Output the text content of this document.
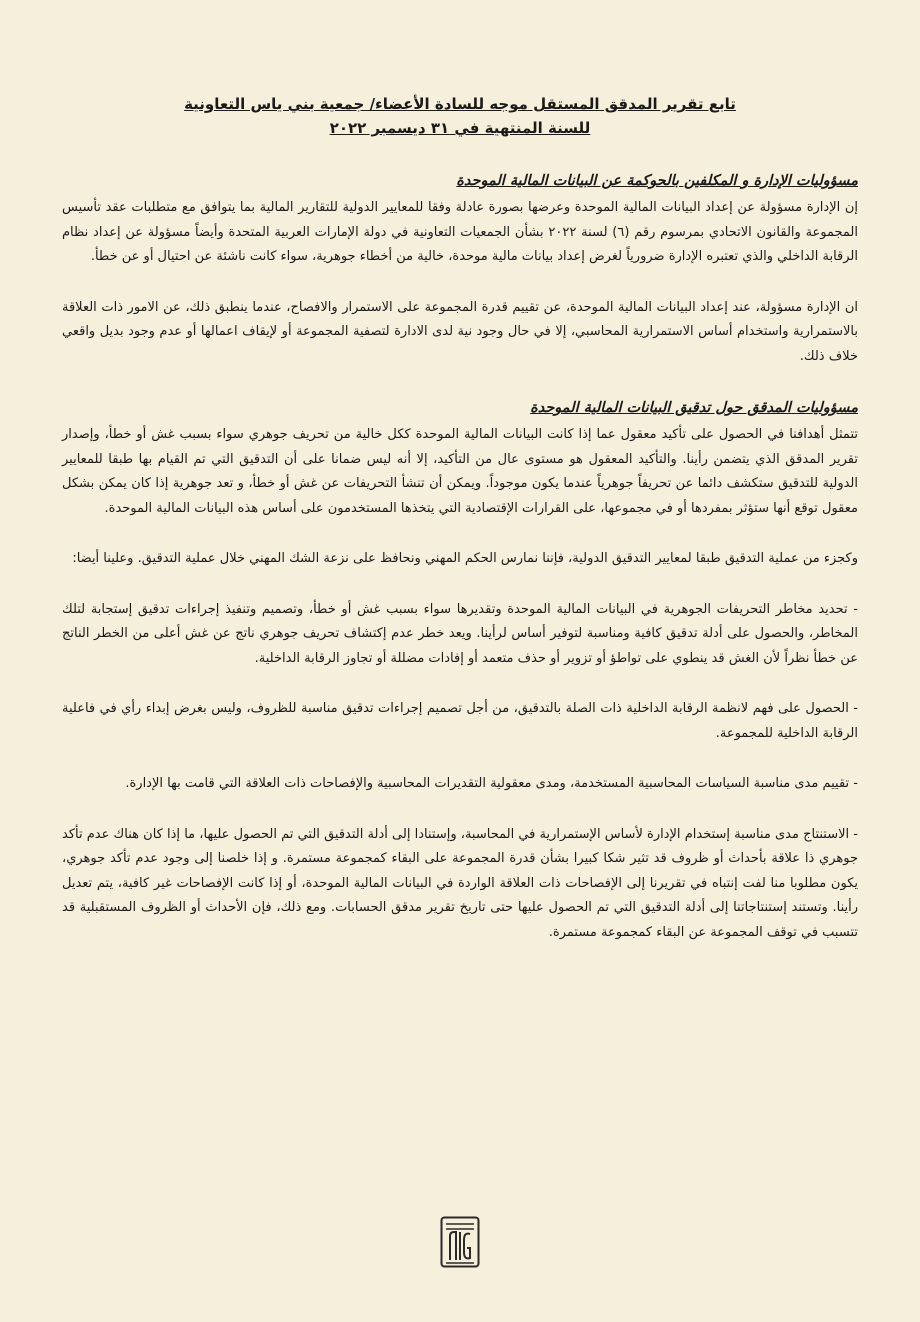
تابع تقرير المدقق المستقل موجه للسادة الأعضاء/ جمعية بني ياس التعاونية
للسنة المنتهية في ٣١ ديسمبر ٢٠٢٢
مسؤوليات الإدارة و المكلفين بالحوكمة عن البيانات المالية الموحدة

إن الإدارة مسؤولة عن إعداد البيانات المالية الموحدة وعرضها بصورة عادلة وفقا للمعايير الدولية للتقارير المالية بما يتوافق مع متطلبات عقد تأسيس المجموعة والقانون الاتحادي بمرسوم رقم (٦) لسنة ٢٠٢٢ بشأن الجمعيات التعاونية في دولة الإمارات العربية المتحدة وأيضاً مسؤولة عن إعداد نظام الرقابة الداخلي والذي تعتبره الإدارة ضرورياً لغرض إعداد بيانات مالية موحدة، خالية من أخطاء جوهرية، سواء كانت ناشئة عن احتيال أو عن خطأ.

ان الإدارة مسؤولة، عند إعداد البيانات المالية الموحدة، عن تقييم قدرة المجموعة على الاستمرار والافصاح، عندما ينطبق ذلك، عن الامور ذات العلاقة بالاستمرارية واستخدام أساس الاستمرارية المحاسبي، إلا في حال وجود نية لدى الادارة لتصفية المجموعة أو لإيقاف اعمالها أو عدم وجود بديل واقعي خلاف ذلك.

مسؤوليات المدقق حول تدقيق البيانات المالية الموحدة

تتمثل أهدافنا في الحصول على تأكيد معقول عما إذا كانت البيانات المالية الموحدة ككل خالية من تحريف جوهري سواء بسبب غش أو خطأ، وإصدار تقرير المدقق الذي يتضمن رأينا. والتأكيد المعقول هو مستوى عال من التأكيد، إلا أنه ليس ضمانا على أن التدقيق التي تم القيام بها طبقا للمعايير الدولية للتدقيق ستكشف دائما عن تحريفاً جوهرياً عندما يكون موجوداً. ويمكن أن تنشأ التحريفات عن غش أو خطأ، و تعد جوهرية إذا كان يمكن بشكل معقول توقع أنها ستؤثر بمفردها أو في مجموعها، على القرارات الإقتصادية التي يتخذها المستخدمون على أساس هذه البيانات المالية الموحدة.

وكجزء من عملية التدقيق طبقا لمعايير التدقيق الدولية، فإننا نمارس الحكم المهني ونحافظ على نزعة الشك المهني خلال عملية التدقيق. وعلينا أيضا:

- تحديد مخاطر التحريفات الجوهرية في البيانات المالية الموحدة وتقديرها سواء بسبب غش أو خطأ، وتصميم وتنفيذ إجراءات تدقيق إستجابة لتلك المخاطر، والحصول على أدلة تدقيق كافية ومناسبة لتوفير أساس لرأينا. ويعد خطر عدم إكتشاف تحريف جوهري ناتج عن غش أعلى من الخطر الناتج عن خطأ نظراً لأن الغش قد ينطوي على تواطؤ أو تزوير أو حذف متعمد أو إفادات مضللة أو تجاوز الرقابة الداخلية.

- الحصول على فهم لانظمة الرقابة الداخلية ذات الصلة بالتدقيق، من أجل تصميم إجراءات تدقيق مناسبة للظروف، وليس بغرض إبداء رأي في فاعلية الرقابة الداخلية للمجموعة.

- تقييم مدى مناسبة السياسات المحاسبية المستخدمة، ومدى معقولية التقديرات المحاسبية والإفصاحات ذات العلاقة التي قامت بها الإدارة.

- الاستنتاج مدى مناسبة إستخدام الإدارة لأساس الإستمرارية في المحاسبة، وإستنادا إلى أدلة التدقيق التي تم الحصول عليها، ما إذا كان هناك عدم تأكد جوهري ذا علاقة بأحداث أو ظروف قد تثير شكا كبيرا بشأن قدرة المجموعة على البقاء كمجموعة مستمرة. و إذا خلصنا إلى وجود عدم تأكد جوهري، يكون مطلوبا منا لفت إنتباه في تقريرنا إلى الإفصاحات ذات العلاقة الواردة في البيانات المالية الموحدة، أو إذا كانت الإفصاحات غير كافية، يتم تعديل رأينا. وتستند إستنتاجاتنا إلى أدلة التدقيق التي تم الحصول عليها حتى تاريخ تقرير مدقق الحسابات. ومع ذلك، فإن الأحداث أو الظروف المستقبلية قد تتسبب في توقف المجموعة عن البقاء كمجموعة مستمرة.
